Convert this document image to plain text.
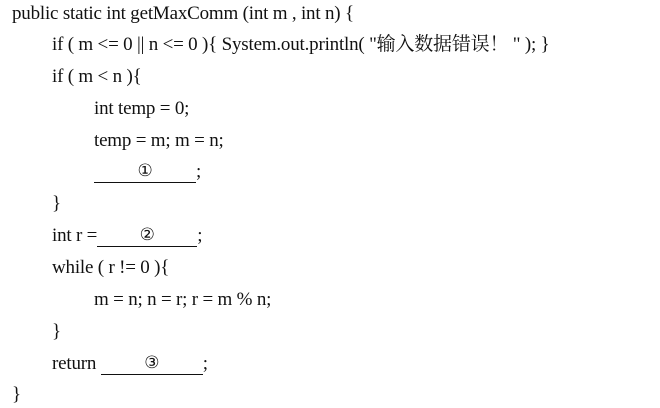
public static int getMaxComm (int m , int n) {
if ( m <= 0 || n <= 0 ){ System.out.println( "输入数据错误！ " ); }
if ( m < n ){
int temp = 0;
temp = m; m = n;
① ;
}
int r = ② ;
while ( r != 0 ){
m = n; n = r; r = m % n;
}
return	③ ;
}
